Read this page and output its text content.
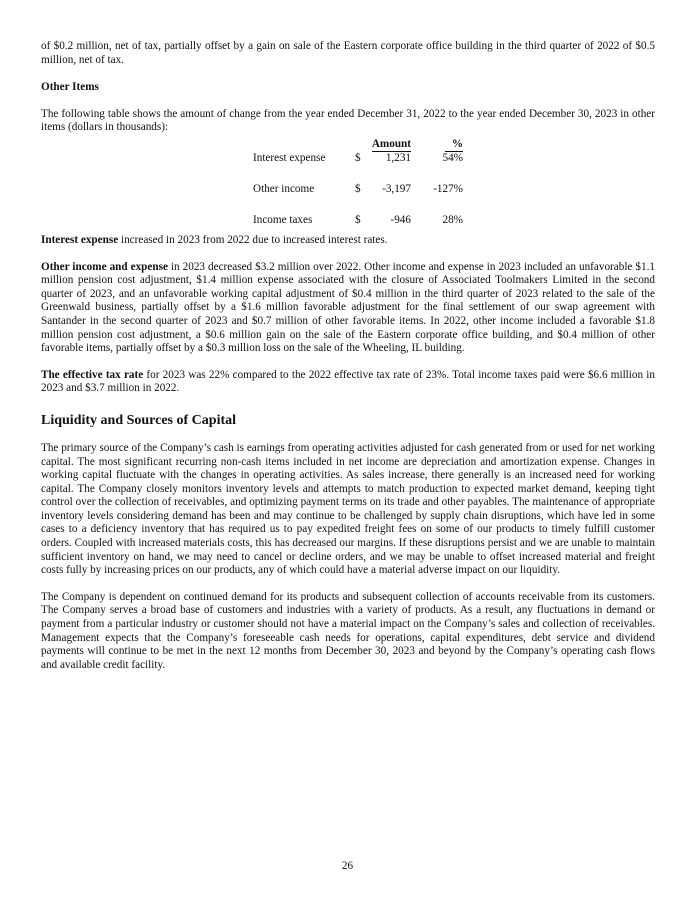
of $0.2 million, net of tax, partially offset by a gain on sale of the Eastern corporate office building in the third quarter of 2022 of $0.5 million, net of tax.

Other Items

The following table shows the amount of change from the year ended December 31, 2022 to the year ended December 30, 2023 in other items (dollars in thousands):

	Amount		%
Interest expense	$	1,231	54%
Other income	$	-3,197	-127%
Income taxes	$	-946	28%

Interest expense increased in 2023 from 2022 due to increased interest rates.

Other income and expense in 2023 decreased $3.2 million over 2022. Other income and expense in 2023 included an unfavorable $1.1 million pension cost adjustment, $1.4 million expense associated with the closure of Associated Toolmakers Limited in the second quarter of 2023, and an unfavorable working capital adjustment of $0.4 million in the third quarter of 2023 related to the sale of the Greenwald business, partially offset by a $1.6 million favorable adjustment for the final settlement of our swap agreement with Santander in the second quarter of 2023 and $0.7 million of other favorable items. In 2022, other income included a favorable $1.8 million pension cost adjustment, a $0.6 million gain on the sale of the Eastern corporate office building, and $0.4 million of other favorable items, partially offset by a $0.3 million loss on the sale of the Wheeling, IL building.

The effective tax rate for 2023 was 22% compared to the 2022 effective tax rate of 23%. Total income taxes paid were $6.6 million in 2023 and $3.7 million in 2022.

Liquidity and Sources of Capital

The primary source of the Company’s cash is earnings from operating activities adjusted for cash generated from or used for net working capital. The most significant recurring non-cash items included in net income are depreciation and amortization expense. Changes in working capital fluctuate with the changes in operating activities. As sales increase, there generally is an increased need for working capital. The Company closely monitors inventory levels and attempts to match production to expected market demand, keeping tight control over the collection of receivables, and optimizing payment terms on its trade and other payables. The maintenance of appropriate inventory levels considering demand has been and may continue to be challenged by supply chain disruptions, which have led in some cases to a deficiency inventory that has required us to pay expedited freight fees on some of our products to timely fulfill customer orders. Coupled with increased materials costs, this has decreased our margins. If these disruptions persist and we are unable to maintain sufficient inventory on hand, we may need to cancel or decline orders, and we may be unable to offset increased material and freight costs fully by increasing prices on our products, any of which could have a material adverse impact on our liquidity.

The Company is dependent on continued demand for its products and subsequent collection of accounts receivable from its customers. The Company serves a broad base of customers and industries with a variety of products. As a result, any fluctuations in demand or payment from a particular industry or customer should not have a material impact on the Company’s sales and collection of receivables. Management expects that the Company’s foreseeable cash needs for operations, capital expenditures, debt service and dividend payments will continue to be met in the next 12 months from December 30, 2023 and beyond by the Company’s operating cash flows and available credit facility.

26
